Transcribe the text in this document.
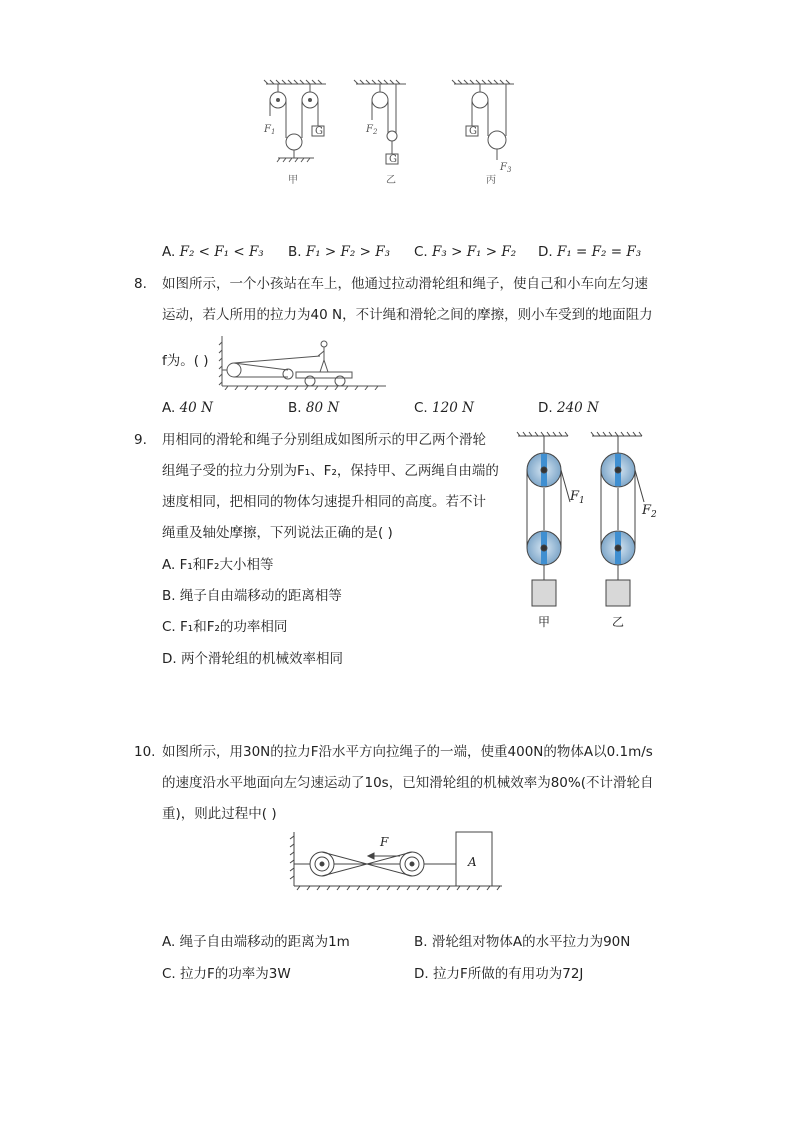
$F_1$	G	$F_2$
G
G
$F_3$
甲	乙	丙
A. F₂ < F₁ < F₃ B. F₁ > F₂ > F₃ C. F₃ > F₁ > F₂ D. F₁ = F₂ = F₃
8. 如图所示，一个小孩站在车上，他通过拉动滑轮组和绳子，使自己和小车向左匀速
运动，若人所用的拉力为40 N，不计绳和滑轮之间的摩擦，则小车受到的地面阻力
f为。( )
A. 40 N	B. 80 N	C. 120 N	D. 240 N
9. 用相同的滑轮和绳子分别组成如图所示的甲乙两个滑轮
组绳子受的拉力分别为F₁、F₂，保持甲、乙两绳自由端的
速度相同，把相同的物体匀速提升相同的高度。若不计
绳重及轴处摩擦，下列说法正确的是( )
A. F₁和F₂大小相等
B. 绳子自由端移动的距离相等
C. F₁和F₂的功率相同
D. 两个滑轮组的机械效率相同
$F_1$
$F_2$
甲	乙
10. 如图所示，用30N的拉力F沿水平方向拉绳子的一端，使重400N的物体A以0.1m/s
的速度沿水平地面向左匀速运动了10s，已知滑轮组的机械效率为80%(不计滑轮自
重)，则此过程中( )
F
A
A. 绳子自由端移动的距离为1m	B. 滑轮组对物体A的水平拉力为90N
C. 拉力F的功率为3W	D. 拉力F所做的有用功为72J
